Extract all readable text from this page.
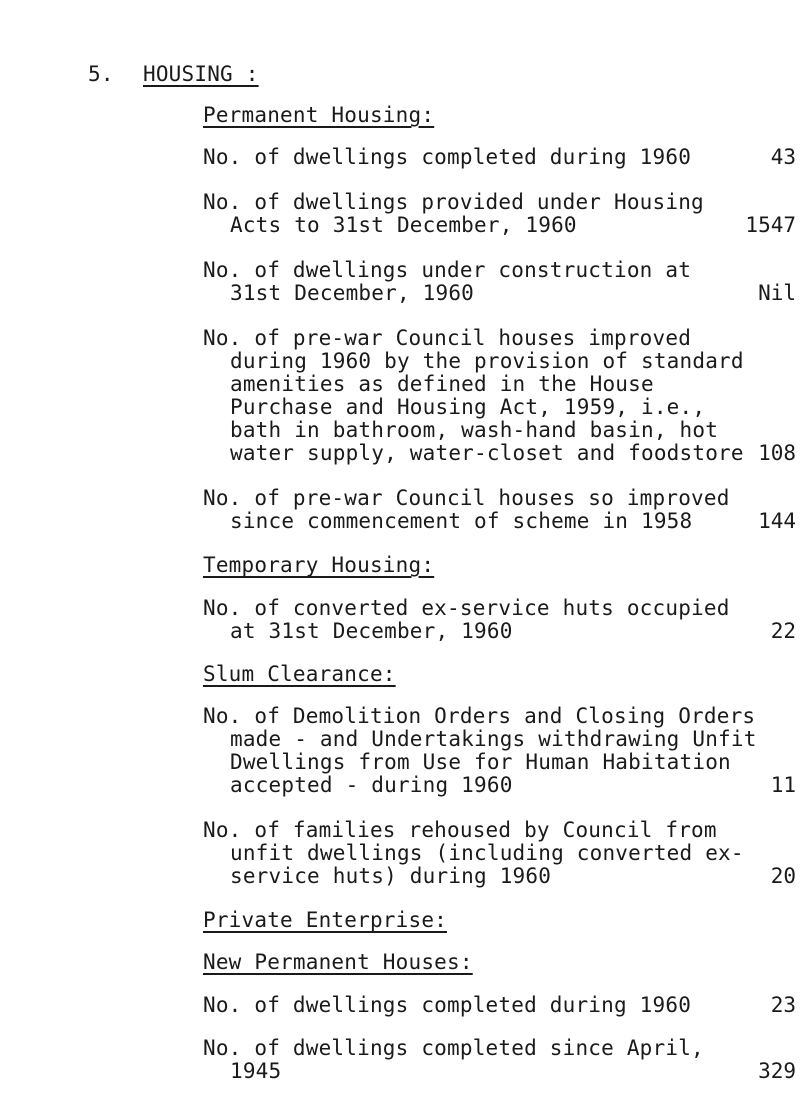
5. HOUSING :
Permanent Housing:
No. of dwellings completed during 1960	43
No. of dwellings provided under Housing
Acts to 31st December, 1960	1547
No. of dwellings under construction at
31st December, 1960	Nil
No. of pre-war Council houses improved
during 1960 by the provision of standard
amenities as defined in the House
Purchase and Housing Act, 1959, i.e.,
bath in bathroom, wash-hand basin, hot
water supply, water-closet and foodstore 108
No. of pre-war Council houses so improved
since commencement of scheme in 1958	144
Temporary Housing:
No. of converted ex-service huts occupied
at 31st December, 1960	22
Slum Clearance:
No. of Demolition Orders and Closing Orders
made - and Undertakings withdrawing Unfit
Dwellings from Use for Human Habitation
accepted - during 1960	11
No. of families rehoused by Council from
unfit dwellings (including converted ex-
service huts) during 1960	20
Private Enterprise:
New Permanent Houses:
No. of dwellings completed during 1960	23
No. of dwellings completed since April,
1945	329
